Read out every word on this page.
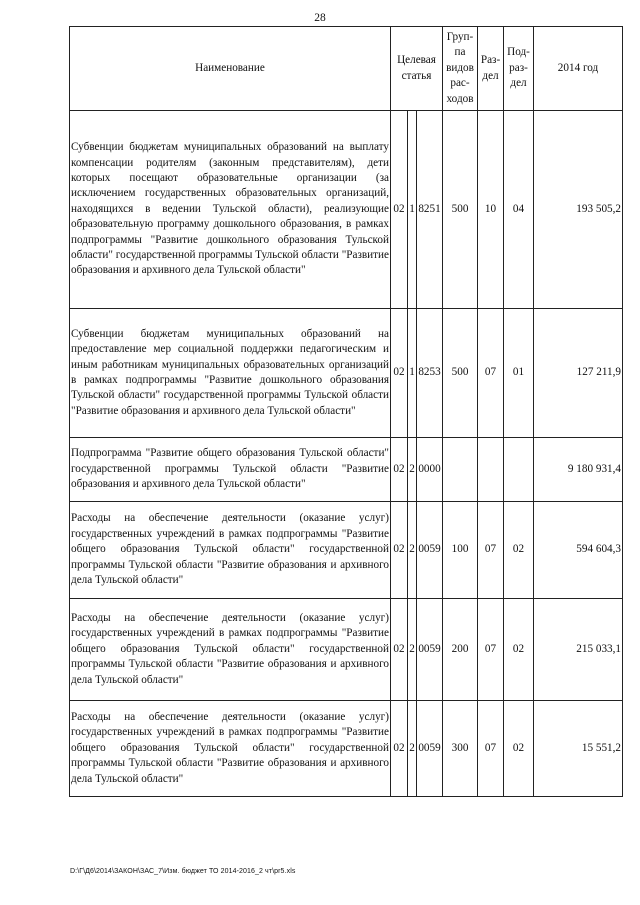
28
Наименование	Целевая статья			Груп-па видов рас-ходов	Раз-дел	Под-раз-дел	2014 год
Субвенции бюджетам муниципальных образований на выплату компенсации родителям (законным представителям), дети которых посещают образовательные организации (за исключением государственных образовательных организаций, находящихся в ведении Тульской области), реализующие образовательную программу дошкольного образования, в рамках подпрограммы "Развитие дошкольного образования Тульской области" государственной программы Тульской области "Развитие образования и архивного дела Тульской области"	02	1	8251	500	10	04	193 505,2
Субвенции бюджетам муниципальных образований на предоставление мер социальной поддержки педагогическим и иным работникам муниципальных образовательных организаций в рамках подпрограммы "Развитие дошкольного образования Тульской области" государственной программы Тульской области "Развитие образования и архивного дела Тульской области"	02	1	8253	500	07	01	127 211,9
Подпрограмма "Развитие общего образования Тульской области" государственной программы Тульской области "Развитие образования и архивного дела Тульской области"	02	2	0000				9 180 931,4
Расходы на обеспечение деятельности (оказание услуг) государственных учреждений в рамках подпрограммы "Развитие общего образования Тульской области" государственной программы Тульской области "Развитие образования и архивного дела Тульской области"	02	2	0059	100	07	02	594 604,3
Расходы на обеспечение деятельности (оказание услуг) государственных учреждений в рамках подпрограммы "Развитие общего образования Тульской области" государственной программы Тульской области "Развитие образования и архивного дела Тульской области"	02	2	0059	200	07	02	215 033,1
Расходы на обеспечение деятельности (оказание услуг) государственных учреждений в рамках подпрограммы "Развитие общего образования Тульской области" государственной программы Тульской области "Развитие образования и архивного дела Тульской области"	02	2	0059	300	07	02	15 551,2
D:\Г\Д6\2014\ЗАКОН\ЗАС_7\Изм. бюджет ТО 2014-2016_2 чт\pr5.xls
